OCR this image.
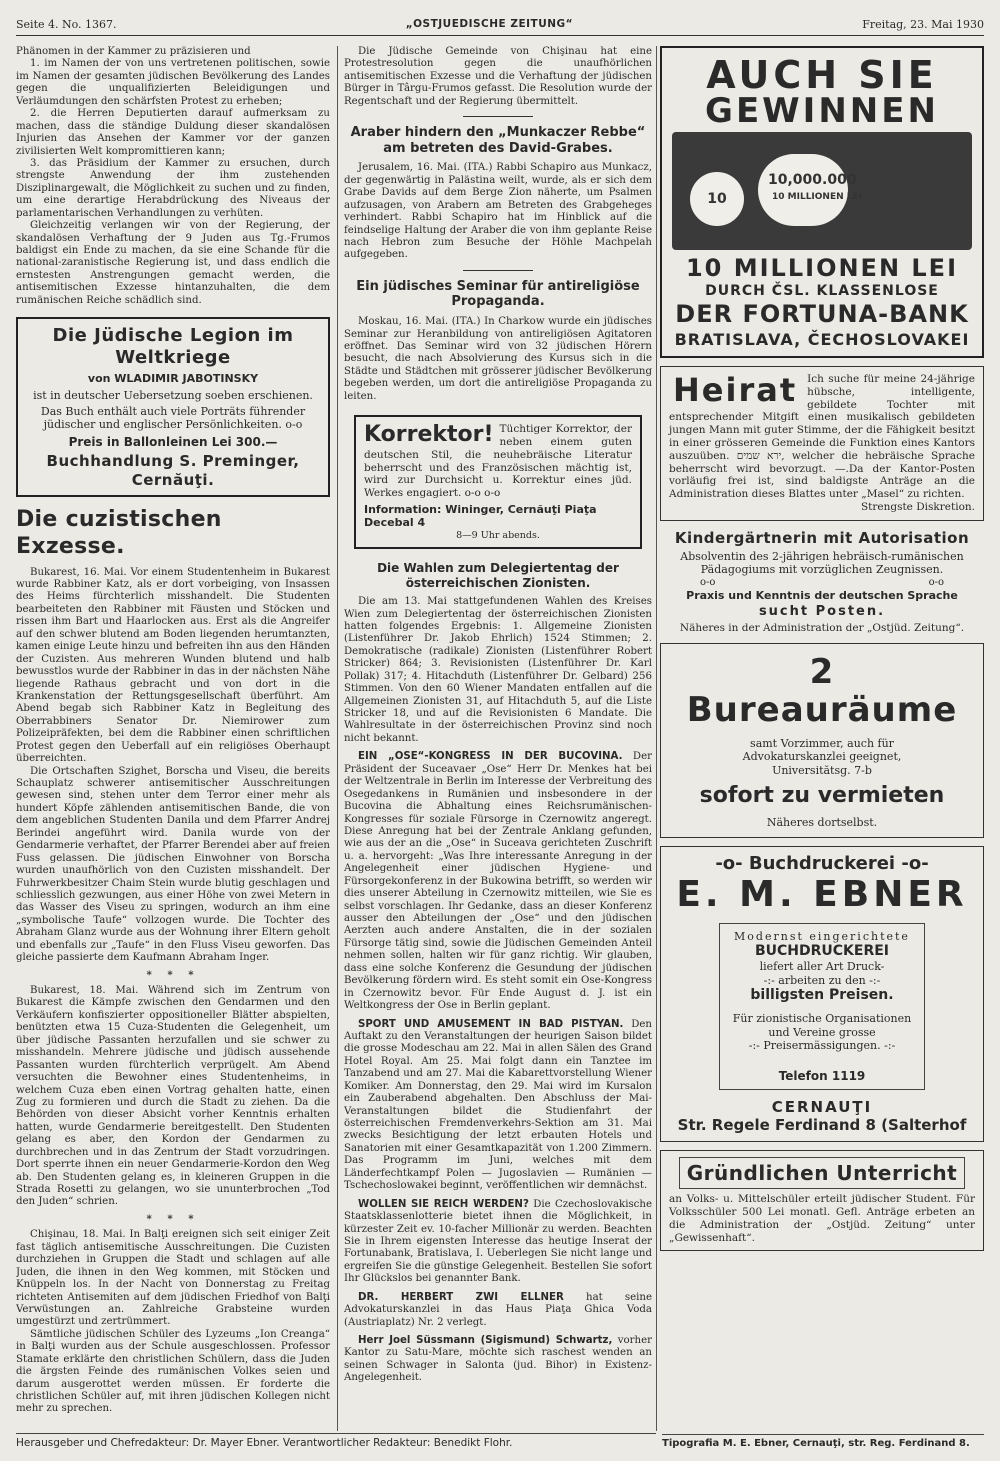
Seite 4. No. 1367.	„OSTJUEDISCHE ZEITUNG“	Freitag, 23. Mai 1930

Phänomen in der Kammer zu präzisieren und

1. im Namen der von uns vertretenen politischen, sowie im Namen der gesamten jüdischen Bevölkerung des Landes gegen die unqualifizierten Beleidigungen und Verläumdungen den schärfsten Protest zu erheben;

2. die Herren Deputierten darauf aufmerksam zu machen, dass die ständige Duldung dieser skandalösen Injurien das Ansehen der Kammer vor der ganzen zivilisierten Welt kompromittieren kann;

3. das Präsidium der Kammer zu ersuchen, durch strengste Anwendung der ihm zustehenden Disziplinargewalt, die Möglichkeit zu suchen und zu finden, um eine derartige Herabdrückung des Niveaus der parlamentarischen Verhandlungen zu verhüten.

Gleichzeitig verlangen wir von der Regierung, der skandalösen Verhaftung der 9 Juden aus Tg.-Frumos baldigst ein Ende zu machen, da sie eine Schande für die national-zaranistische Regierung ist, und dass endlich die ernstesten Anstrengungen gemacht werden, die antisemitischen Exzesse hintanzuhalten, die dem rumänischen Reiche schädlich sind.

Die Jüdische Legion im Weltkriege
von WLADIMIR JABOTINSKY
ist in deutscher Uebersetzung soeben erschienen.
Das Buch enthält auch viele Porträts führender jüdischer und englischer Persönlichkeiten. o-o
Preis in Ballonleinen Lei 300.—
Buchhandlung S. Preminger, Cernăuţi.
Die cuzistischen Exzesse.

Bukarest, 16. Mai. Vor einem Studentenheim in Bukarest wurde Rabbiner Katz, als er dort vorbeiging, von Insassen des Heims fürchterlich misshandelt. Die Studenten bearbeiteten den Rabbiner mit Fäusten und Stöcken und rissen ihm Bart und Haarlocken aus. Erst als die Angreifer auf den schwer blutend am Boden liegenden herumtanzten, kamen einige Leute hinzu und befreiten ihn aus den Händen der Cuzisten. Aus mehreren Wunden blutend und halb bewusstlos wurde der Rabbiner in das in der nächsten Nähe liegende Rathaus gebracht und von dort in die Krankenstation der Rettungsgesellschaft überführt. Am Abend begab sich Rabbiner Katz in Begleitung des Oberrabbiners Senator Dr. Niemirower zum Polizeipräfekten, bei dem die Rabbiner einen schriftlichen Protest gegen den Ueberfall auf ein religiöses Oberhaupt überreichten.

Die Ortschaften Szighet, Borscha und Viseu, die bereits Schauplatz schwerer antisemitischer Ausschreitungen gewesen sind, stehen unter dem Terror einer mehr als hundert Köpfe zählenden antisemitischen Bande, die von dem angeblichen Studenten Danila und dem Pfarrer Andrej Berindei angeführt wird. Danila wurde von der Gendarmerie verhaftet, der Pfarrer Berendei aber auf freien Fuss gelassen. Die jüdischen Einwohner von Borscha wurden unaufhörlich von den Cuzisten misshandelt. Der Fuhrwerkbesitzer Chaim Stein wurde blutig geschlagen und schliesslich gezwungen, aus einer Höhe von zwei Metern in das Wasser des Viseu zu springen, wodurch an ihm eine „symbolische Taufe“ vollzogen wurde. Die Tochter des Abraham Glanz wurde aus der Wohnung ihrer Eltern geholt und ebenfalls zur „Taufe“ in den Fluss Viseu geworfen. Das gleiche passierte dem Kaufmann Abraham Inger.

* * *

Bukarest, 18. Mai. Während sich im Zentrum von Bukarest die Kämpfe zwischen den Gendarmen und den Verkäufern konfiszierter oppositioneller Blätter abspielten, benützten etwa 15 Cuza-Studenten die Gelegenheit, um über jüdische Passanten herzufallen und sie schwer zu misshandeln. Mehrere jüdische und jüdisch aussehende Passanten wurden fürchterlich verprügelt. Am Abend versuchten die Bewohner eines Studentenheims, in welchem Cuza eben einen Vortrag gehalten hatte, einen Zug zu formieren und durch die Stadt zu ziehen. Da die Behörden von dieser Absicht vorher Kenntnis erhalten hatten, wurde Gendarmerie bereitgestellt. Den Studenten gelang es aber, den Kordon der Gendarmen zu durchbrechen und in das Zentrum der Stadt vorzudringen. Dort sperrte ihnen ein neuer Gendarmerie-Kordon den Weg ab. Den Studenten gelang es, in kleineren Gruppen in die Strada Rosetti zu gelangen, wo sie ununterbrochen „Tod den Juden“ schrien.

* * *

Chişinau, 18. Mai. In Balţi ereignen sich seit einiger Zeit fast täglich antisemitische Ausschreitungen. Die Cuzisten durchziehen in Gruppen die Stadt und schlagen auf alle Juden, die ihnen in den Weg kommen, mit Stöcken und Knüppeln los. In der Nacht von Donnerstag zu Freitag richteten Antisemiten auf dem jüdischen Friedhof von Balţi Verwüstungen an. Zahlreiche Grabsteine wurden umgestürzt und zertrümmert.

Sämtliche jüdischen Schüler des Lyzeums „Ion Creanga“ in Balţi wurden aus der Schule ausgeschlossen. Professor Stamate erklärte den christlichen Schülern, dass die Juden die ärgsten Feinde des rumänischen Volkes seien und darum ausgerottet werden müssen. Er forderte die christlichen Schüler auf, mit ihren jüdischen Kollegen nicht mehr zu sprechen.

Die Jüdische Gemeinde von Chişinau hat eine Protestresolution gegen die unaufhörlichen antisemitischen Exzesse und die Verhaftung der jüdischen Bürger in Târgu-Frumos gefasst. Die Resolution wurde der Regentschaft und der Regierung übermittelt.

Araber hindern den „Munkaczer Rebbe“ am betreten des David-Grabes.

Jerusalem, 16. Mai. (ITA.) Rabbi Schapiro aus Munkacz, der gegenwärtig in Palästina weilt, wurde, als er sich dem Grabe Davids auf dem Berge Zion näherte, um Psalmen aufzusagen, von Arabern am Betreten des Grabgeheges verhindert. Rabbi Schapiro hat im Hinblick auf die feindselige Haltung der Araber die von ihm geplante Reise nach Hebron zum Besuche der Höhle Machpelah aufgegeben.

Ein jüdisches Seminar für antireligiöse Propaganda.

Moskau, 16. Mai. (ITA.) In Charkow wurde ein jüdisches Seminar zur Heranbildung von antireligiösen Agitatoren eröffnet. Das Seminar wird von 32 jüdischen Hörern besucht, die nach Absolvierung des Kursus sich in die Städte und Städtchen mit grösserer jüdischer Bevölkerung begeben werden, um dort die antireligiöse Propaganda zu leiten.

Korrektor! Tüchtiger Korrektor, der neben einem guten deutschen Stil, die neuhebräische Literatur beherrscht und des Französischen mächtig ist, wird zur Durchsicht u. Korrektur eines jüd. Werkes engagiert. o-o o-o
Information: Wininger, Cernăuţi Piaţa Decebal 4
8—9 Uhr abends.
Die Wahlen zum Delegiertentag der österreichischen Zionisten.

Die am 13. Mai stattgefundenen Wahlen des Kreises Wien zum Delegiertentag der österreichischen Zionisten hatten folgendes Ergebnis: 1. Allgemeine Zionisten (Listenführer Dr. Jakob Ehrlich) 1524 Stimmen; 2. Demokratische (radikale) Zionisten (Listenführer Robert Stricker) 864; 3. Revisionisten (Listenführer Dr. Karl Pollak) 317; 4. Hitachduth (Listenführer Dr. Gelbard) 256 Stimmen. Von den 60 Wiener Mandaten entfallen auf die Allgemeinen Zionisten 31, auf Hitachduth 5, auf die Liste Stricker 18, und auf die Revisionisten 6 Mandate. Die Wahlresultate in der österreichischen Provinz sind noch nicht bekannt.

EIN „OSE“-KONGRESS IN DER BUCOVINA. Der Präsident der Suceavaer „Ose“ Herr Dr. Menkes hat bei der Weltzentrale in Berlin im Interesse der Verbreitung des Osegedankens in Rumänien und insbesondere in der Bucovina die Abhaltung eines Reichsrumänischen-Kongresses für soziale Fürsorge in Czernowitz angeregt. Diese Anregung hat bei der Zentrale Anklang gefunden, wie aus der an die „Ose“ in Suceava gerichteten Zuschrift u. a. hervorgeht: „Was Ihre interessante Anregung in der Angelegenheit einer jüdischen Hygiene- und Fürsorgekonferenz in der Bukowina betrifft, so werden wir dies unserer Abteilung in Czernowitz mitteilen, wie Sie es selbst vorschlagen. Ihr Gedanke, dass an dieser Konferenz ausser den Abteilungen der „Ose“ und den jüdischen Aerzten auch andere Anstalten, die in der sozialen Fürsorge tätig sind, sowie die Jüdischen Gemeinden Anteil nehmen sollen, halten wir für ganz richtig. Wir glauben, dass eine solche Konferenz die Gesundung der jüdischen Bevölkerung fördern wird. Es steht somit ein Ose-Kongress in Czernowitz bevor. Für Ende August d. J. ist ein Weltkongress der Ose in Berlin geplant.

SPORT UND AMUSEMENT IN BAD PISTYAN. Den Auftakt zu den Veranstaltungen der heurigen Saison bildet die grosse Modeschau am 22. Mai in allen Sälen des Grand Hotel Royal. Am 25. Mai folgt dann ein Tanztee im Tanzabend und am 27. Mai die Kabarettvorstellung Wiener Komiker. Am Donnerstag, den 29. Mai wird im Kursalon ein Zauberabend abgehalten. Den Abschluss der Mai-Veranstaltungen bildet die Studienfahrt der österreichischen Fremdenverkehrs-Sektion am 31. Mai zwecks Besichtigung der letzt erbauten Hotels und Sanatorien mit einer Gesamtkapazität von 1.200 Zimmern. Das Programm im Juni, welches mit dem Länderfechtkampf Polen — Jugoslavien — Rumänien — Tschechoslowakei beginnt, veröffentlichen wir demnächst.

WOLLEN SIE REICH WERDEN? Die Czechoslovakische Staatsklassenlotterie bietet ihnen die Möglichkeit, in kürzester Zeit ev. 10-facher Millionär zu werden. Beachten Sie in Ihrem eigensten Interesse das heutige Inserat der Fortunabank, Bratislava, I. Ueberlegen Sie nicht lange und ergreifen Sie die günstige Gelegenheit. Bestellen Sie sofort Ihr Glückslos bei genannter Bank.

DR. HERBERT ZWI ELLNER hat seine Advokaturskanzlei in das Haus Piaţa Ghica Voda (Austriaplatz) Nr. 2 verlegt.

Herr Joel Süssmann (Sigismund) Schwartz, vorher Kantor zu Satu-Mare, möchte sich raschest wenden an seinen Schwager in Salonta (jud. Bihor) in Existenz-Angelegenheit.

AUCH SIE
GEWINNEN
10
10,000.000
10 MILLIONEN LEI
10 MILLIONEN LEI
DURCH ČSL. KLASSENLOSE
DER FORTUNA-BANK
BRATISLAVA, ČECHOSLOVAKEI
Heirat Ich suche für meine 24-jährige hübsche, intelligente, gebildete Tochter mit entsprechender Mitgift einen musikalisch gebildeten jungen Mann mit guter Stimme, der die Fähigkeit besitzt in einer grösseren Gemeinde die Funktion eines Kantors auszuüben. ירא שמים, welcher die hebräische Sprache beherrscht wird bevorzugt. —.Da der Kantor-Posten vorläufig frei ist, sind baldigste Anträge an die Administration dieses Blattes unter „Masel“ zu richten.
Strengste Diskretion.
Kindergärtnerin mit Autorisation
Absolventin des 2-jährigen hebräisch-rumänischen Pädagogiums mit vorzüglichen Zeugnissen.
o-o	o-o
Praxis und Kenntnis der deutschen Sprache
sucht Posten.
Näheres in der Administration der „Ostjüd. Zeitung“.
2 Bureauräume
samt Vorzimmer, auch für Advokaturskanzlei geeignet, Universitătsg. 7-b
sofort zu vermieten
Näheres dortselbst.
-o- Buchdruckerei -o-
E. M. EBNER
Modernst eingerichtete
BUCHDRUCKEREI
liefert aller Art Druck-
-:- arbeiten zu den -:-
billigsten Preisen.
Für zionistische Organisationen und Vereine grosse
-:- Preisermässigungen. -:-
Telefon 1119
CERNAUŢI
Str. Regele Ferdinand 8 (Salterhof
Gründlichen Unterricht
an Volks- u. Mittelschüler erteilt jüdischer Student. Für Volksschüler 500 Lei monatl. Gefl. Anträge erbeten an die Administration der „Ostjüd. Zeitung“ unter „Gewissenhaft“.
Herausgeber und Chefredakteur: Dr. Mayer Ebner. Verantwortlicher Redakteur: Benedikt Flohr.	Tipografia M. E. Ebner, Cernauţi, str. Reg. Ferdinand 8.
